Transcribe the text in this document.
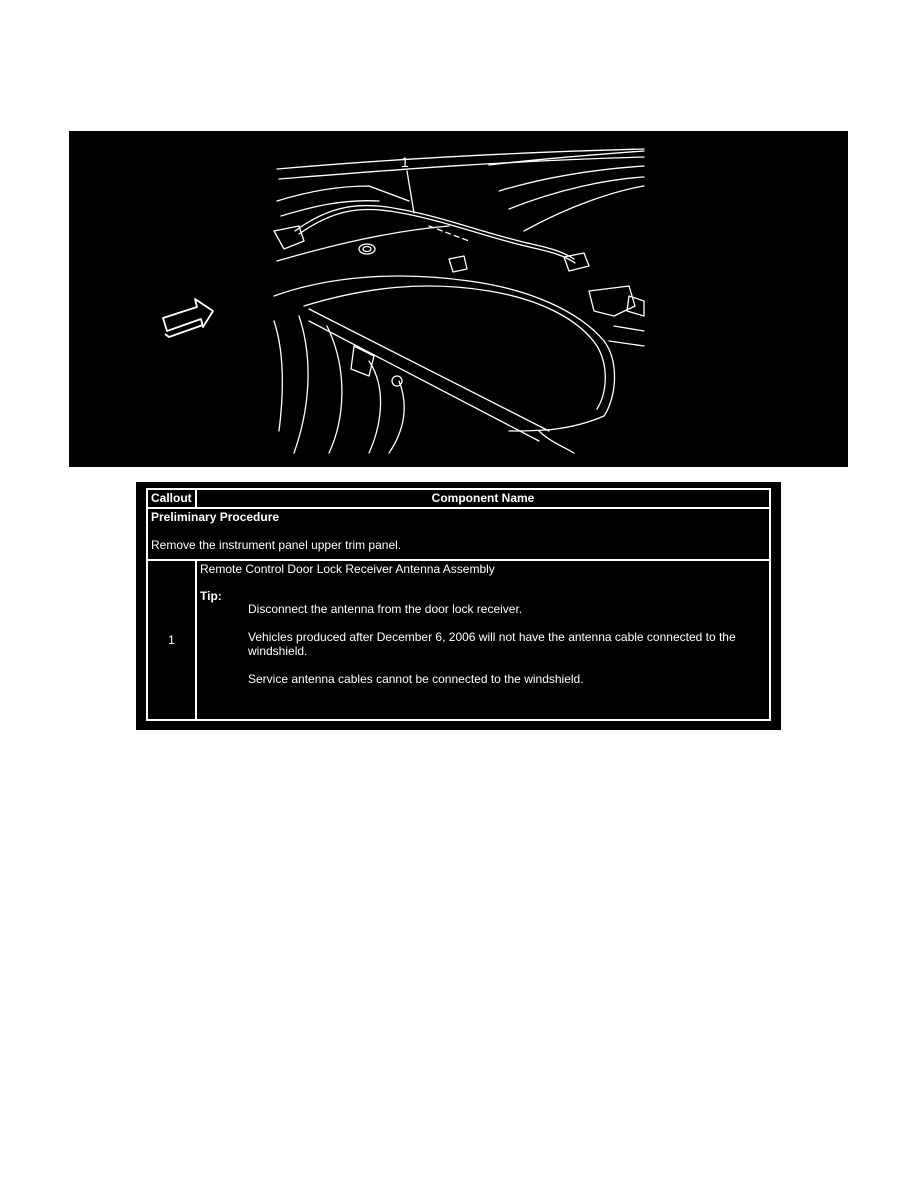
1
Callout	Component Name

Preliminary Procedure
Remove the instrument panel upper trim panel.	
1	Remote Control Door Lock Receiver Antenna Assembly
Tip:
Disconnect the antenna from the door lock receiver.
Vehicles produced after December 6, 2006 will not have the antenna cable connected to the windshield.
Service antenna cables cannot be connected to the windshield.
